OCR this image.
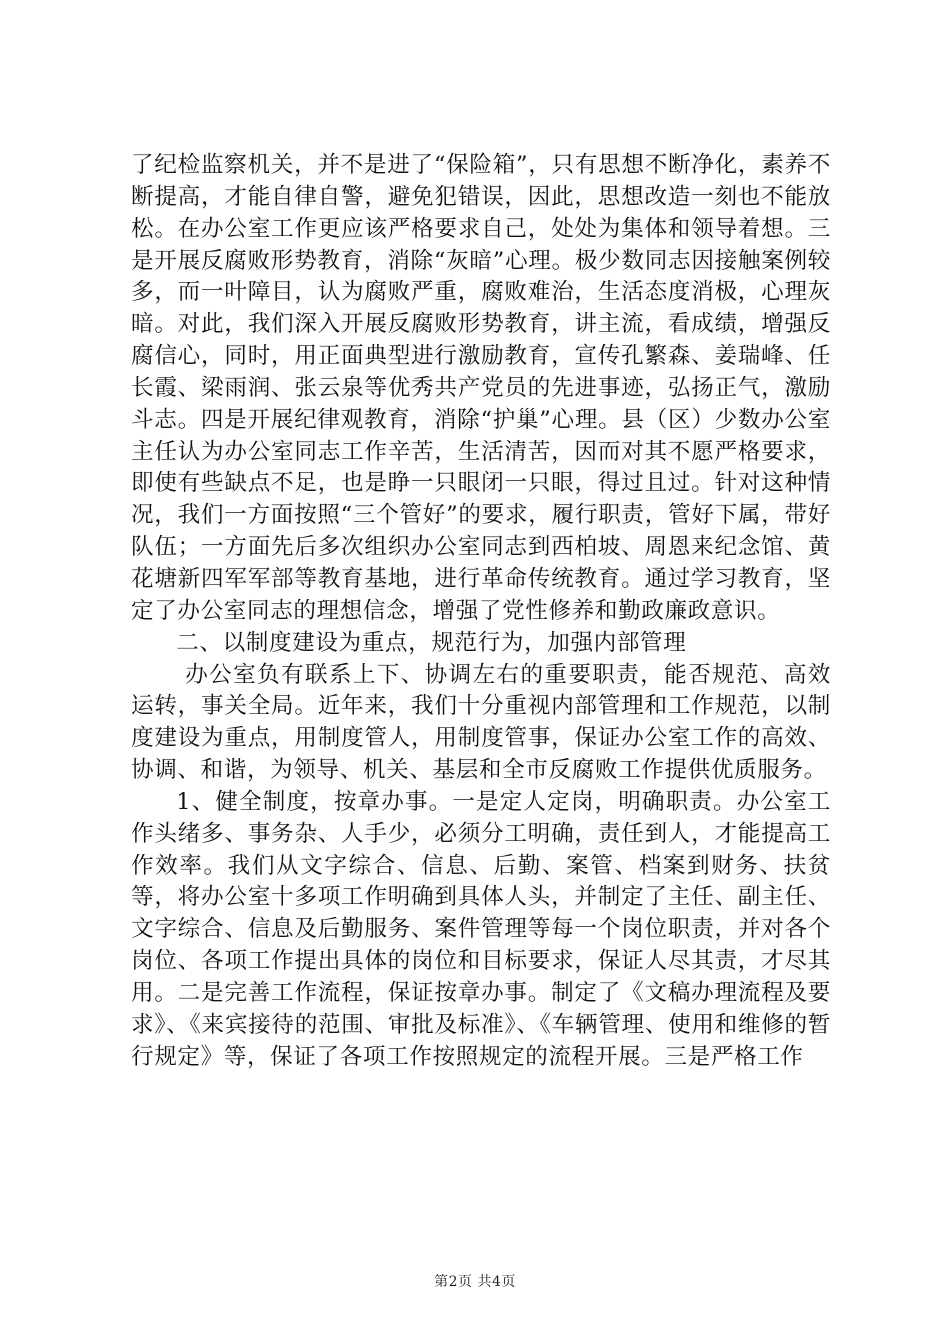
了纪检监察机关，并不是进了“保险箱”，只有思想不断净化，素养不断提高，才能自律自警，避免犯错误，因此，思想改造一刻也不能放松。在办公室工作更应该严格要求自己，处处为集体和领导着想。三是开展反腐败形势教育，消除“灰暗”心理。极少数同志因接触案例较多，而一叶障目，认为腐败严重，腐败难治，生活态度消极，心理灰暗。对此，我们深入开展反腐败形势教育，讲主流，看成绩，增强反腐信心，同时，用正面典型进行激励教育，宣传孔繁森、姜瑞峰、任长霞、梁雨润、张云泉等优秀共产党员的先进事迹，弘扬正气，激励斗志。四是开展纪律观教育，消除“护巢”心理。县（区）少数办公室主任认为办公室同志工作辛苦，生活清苦，因而对其不愿严格要求，即使有些缺点不足，也是睁一只眼闭一只眼，得过且过。针对这种情况，我们一方面按照“三个管好”的要求，履行职责，管好下属，带好队伍；一方面先后多次组织办公室同志到西柏坡、周恩来纪念馆、黄花塘新四军军部等教育基地，进行革命传统教育。通过学习教育，坚定了办公室同志的理想信念，增强了党性修养和勤政廉政意识。

二、以制度建设为重点，规范行为，加强内部管理

办公室负有联系上下、协调左右的重要职责，能否规范、高效运转，事关全局。近年来，我们十分重视内部管理和工作规范，以制度建设为重点，用制度管人，用制度管事，保证办公室工作的高效、协调、和谐，为领导、机关、基层和全市反腐败工作提供优质服务。

1、健全制度，按章办事。一是定人定岗，明确职责。办公室工作头绪多、事务杂、人手少，必须分工明确，责任到人，才能提高工作效率。我们从文字综合、信息、后勤、案管、档案到财务、扶贫等，将办公室十多项工作明确到具体人头，并制定了主任、副主任、文字综合、信息及后勤服务、案件管理等每一个岗位职责，并对各个岗位、各项工作提出具体的岗位和目标要求，保证人尽其责，才尽其用。二是完善工作流程，保证按章办事。制定了《文稿办理流程及要求》、《来宾接待的范围、审批及标准》、《车辆管理、使用和维修的暂行规定》等，保证了各项工作按照规定的流程开展。三是严格工作

第2页 共4页
